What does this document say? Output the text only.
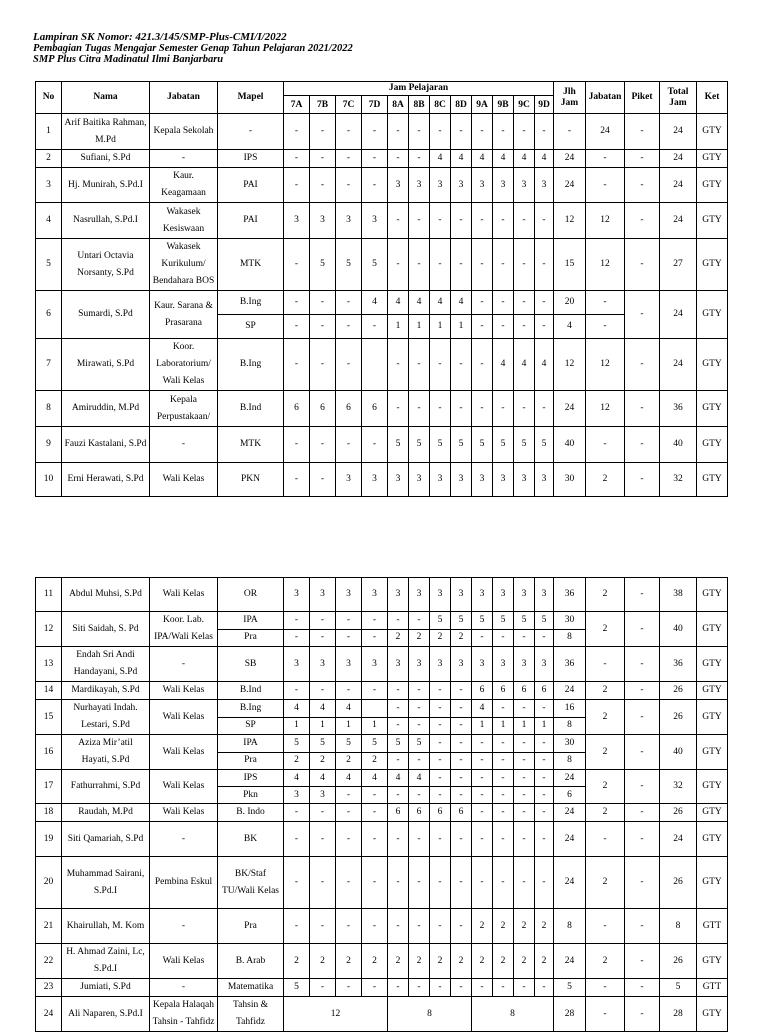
Lampiran SK Nomor: 421.3/145/SMP-Plus-CMI/I/2022
Pembagian Tugas Mengajar Semester Genap Tahun Pelajaran 2021/2022
SMP Plus Citra Madinatul Ilmi Banjarbaru
No	Nama	Jabatan	Mapel	Jam Pelajaran												Jlh Jam	Jabatan	Piket	Total Jam	Ket
				7A	7B	7C	7D	8A	8B	8C	8D	9A	9B	9C	9D					
1	Arif Baitika Rahman, M.Pd	Kepala Sekolah	-	-	-	-	-	-	-	-	-	-	-	-	-	-	24	-	24	GTY
2	Sufiani, S.Pd	-	IPS	-	-	-	-	-	-	4	4	4	4	4	4	24	-	-	24	GTY
3	Hj. Munirah, S.Pd.I	Kaur. Keagamaan	PAI	-	-	-	-	3	3	3	3	3	3	3	3	24	-	-	24	GTY
4	Nasrullah, S.Pd.I	Wakasek Kesiswaan	PAI	3	3	3	3	-	-	-	-	-	-	-	-	12	12	-	24	GTY
5	Untari Octavia Norsanty, S.Pd	Wakasek Kurikulum/ Bendahara BOS	MTK	-	5	5	5	-	-	-	-	-	-	-	-	15	12	-	27	GTY
6	Sumardi, S.Pd	Kaur. Sarana & Prasarana	B.Ing	-	-	-	4	4	4	4	4	-	-	-	-	20	-	-	24	GTY
			SP	-	-	-	-	1	1	1	1	-	-	-	-	4	-			
7	Mirawati, S.Pd	Koor. Laboratorium/ Wali Kelas	B.Ing	-	-	-		-	-	-	-	-	4	4	4	12	12	-	24	GTY
8	Amiruddin, M.Pd	Kepala Perpustakaan/	B.Ind	6	6	6	6	-	-	-	-	-	-	-	-	24	12	-	36	GTY
9	Fauzi Kastalani, S.Pd	-	MTK	-	-	-	-	5	5	5	5	5	5	5	5	40	-	-	40	GTY
10	Erni Herawati, S.Pd	Wali Kelas	PKN	-	-	3	3	3	3	3	3	3	3	3	3	30	2	-	32	GTY
11	Abdul Muhsi, S.Pd	Wali Kelas	OR	3	3	3	3	3	3	3	3	3	3	3	3	36	2	-	38	GTY
12	Siti Saidah, S. Pd	Koor. Lab. IPA/Wali Kelas	IPA	-	-	-	-	-	-	5	5	5	5	5	5	30	2	-	40	GTY
			Pra	-	-	-	-	2	2	2	2	-	-	-	-	8				
13	Endah Sri Andi Handayani, S.Pd	-	SB	3	3	3	3	3	3	3	3	3	3	3	3	36	-	-	36	GTY
14	Mardikayah, S.Pd	Wali Kelas	B.Ind	-	-	-	-	-	-	-	-	6	6	6	6	24	2	-	26	GTY
15	Nurhayati Indah. Lestari, S.Pd	Wali Kelas	B.Ing	4	4	4		-	-	-	-	4	-	-	-	16	2	-	26	GTY
			SP	1	1	1	1	-	-	-	-	1	1	1	1	8				
16	Aziza Mir’atil Hayati, S.Pd	Wali Kelas	IPA	5	5	5	5	5	5	-	-	-	-	-	-	30	2	-	40	GTY
			Pra	2	2	2	2	-	-	-	-	-	-	-	-	8				
17	Fathurrahmi, S.Pd	Wali Kelas	IPS	4	4	4	4	4	4	-	-	-	-	-	-	24	2	-	32	GTY
			Pkn	3	3	-	-	-	-	-	-	-	-	-	-	6				
18	Raudah, M.Pd	Wali Kelas	B. Indo	-	-	-	-	6	6	6	6	-	-	-	-	24	2	-	26	GTY
19	Siti Qamariah, S.Pd	-	BK	-	-	-	-	-	-	-	-	-	-	-	-	24	-	-	24	GTY
20	Muhammad Sairani, S.Pd.I	Pembina Eskul	BK/Staf TU/Wali Kelas	-	-	-	-	-	-	-	-	-	-	-	-	24	2	-	26	GTY
21	Khairullah, M. Kom	-	Pra	-	-	-	-	-	-	-	-	2	2	2	2	8	-	-	8	GTT
22	H. Ahmad Zaini, Lc, S.Pd.I	Wali Kelas	B. Arab	2	2	2	2	2	2	2	2	2	2	2	2	24	2	-	26	GTY
23	Jumiati, S.Pd	-	Matematika	5	-	-	-	-	-	-	-	-	-	-	-	5	-	-	5	GTT
24	Ali Naparen, S.Pd.I	Kepala Halaqah Tahsin - Tahfidz	Tahsin & Tahfidz	12				8				8				28	-	-	28	GTY
